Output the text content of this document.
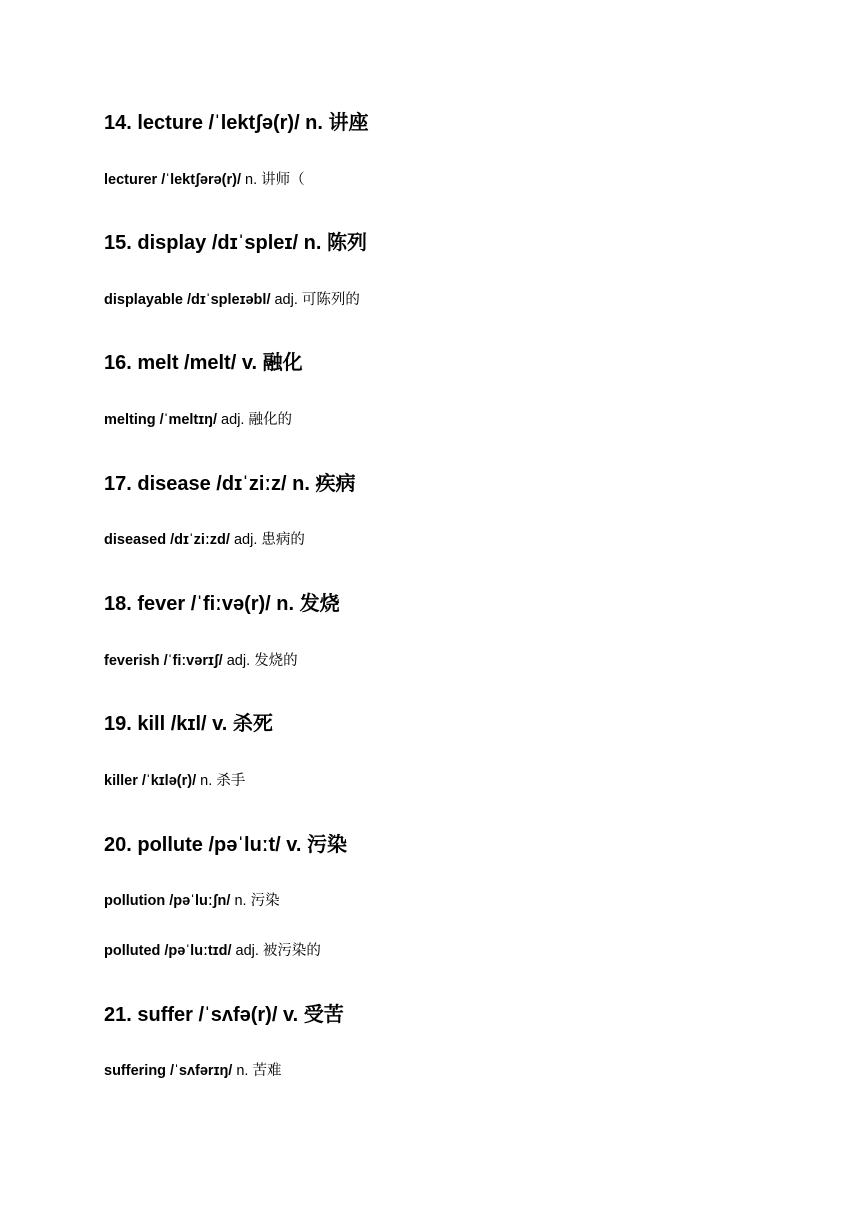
14. lecture /ˈlektʃə(r)/ n. 讲座
lecturer /ˈlektʃərə(r)/ n. 讲师（
15. display /dɪˈspleɪ/ n. 陈列
displayable /dɪˈspleɪəbl/ adj. 可陈列的
16. melt /melt/ v. 融化
melting /ˈmeltɪŋ/ adj. 融化的
17. disease /dɪˈziːz/ n. 疾病
diseased /dɪˈziːzd/ adj. 患病的
18. fever /ˈfiːvə(r)/ n. 发烧
feverish /ˈfiːvərɪʃ/ adj. 发烧的
19. kill /kɪl/ v. 杀死
killer /ˈkɪlə(r)/ n. 杀手
20. pollute /pəˈluːt/ v. 污染
pollution /pəˈluːʃn/ n. 污染
polluted /pəˈluːtɪd/ adj. 被污染的
21. suffer /ˈsʌfə(r)/ v. 受苦
suffering /ˈsʌfərɪŋ/ n. 苦难
